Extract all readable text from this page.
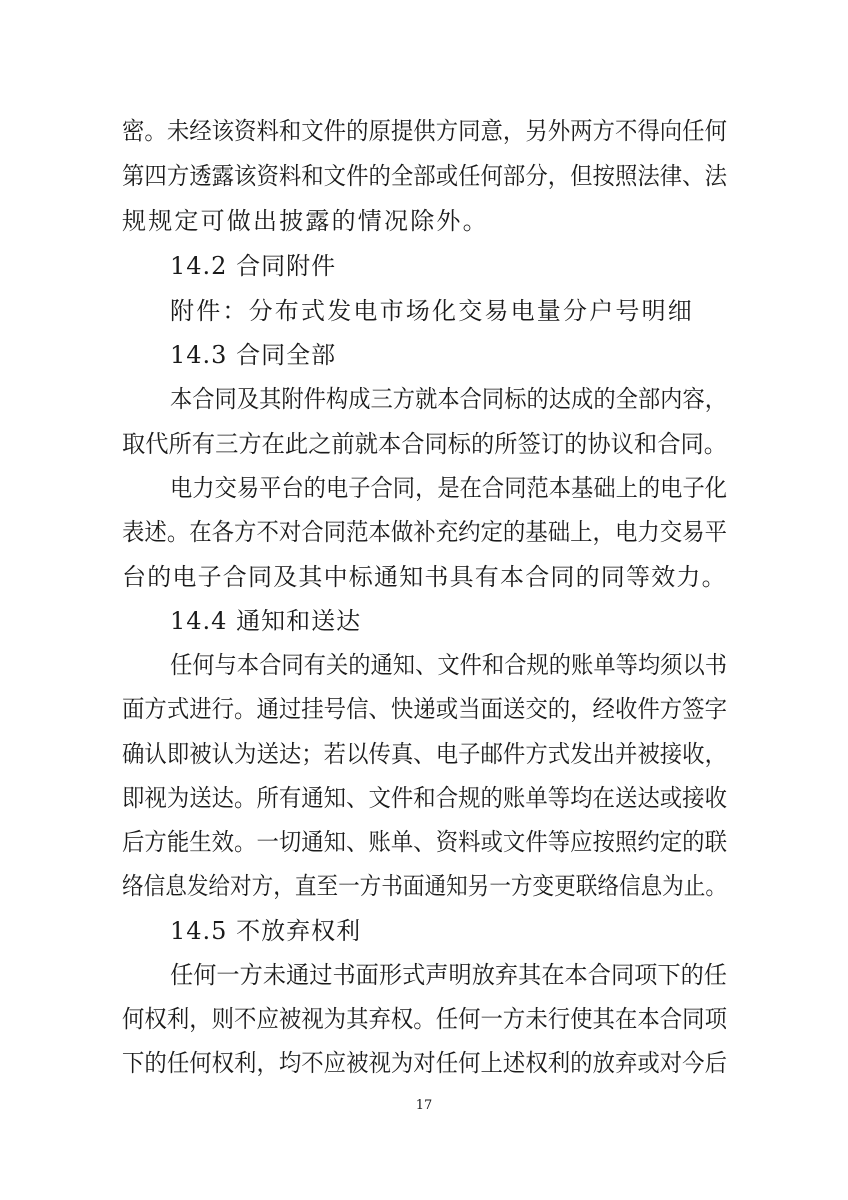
密。未经该资料和文件的原提供方同意，另外两方不得向任何
第四方透露该资料和文件的全部或任何部分，但按照法律、法
规规定可做出披露的情况除外。
14.2 合同附件
附件：分布式发电市场化交易电量分户号明细
14.3 合同全部
本合同及其附件构成三方就本合同标的达成的全部内容，
取代所有三方在此之前就本合同标的所签订的协议和合同。
电力交易平台的电子合同，是在合同范本基础上的电子化
表述。在各方不对合同范本做补充约定的基础上，电力交易平
台的电子合同及其中标通知书具有本合同的同等效力。
14.4 通知和送达
任何与本合同有关的通知、文件和合规的账单等均须以书
面方式进行。通过挂号信、快递或当面送交的，经收件方签字
确认即被认为送达；若以传真、电子邮件方式发出并被接收，
即视为送达。所有通知、文件和合规的账单等均在送达或接收
后方能生效。一切通知、账单、资料或文件等应按照约定的联
络信息发给对方，直至一方书面通知另一方变更联络信息为止。
14.5 不放弃权利
任何一方未通过书面形式声明放弃其在本合同项下的任
何权利，则不应被视为其弃权。任何一方未行使其在本合同项
下的任何权利，均不应被视为对任何上述权利的放弃或对今后
17
